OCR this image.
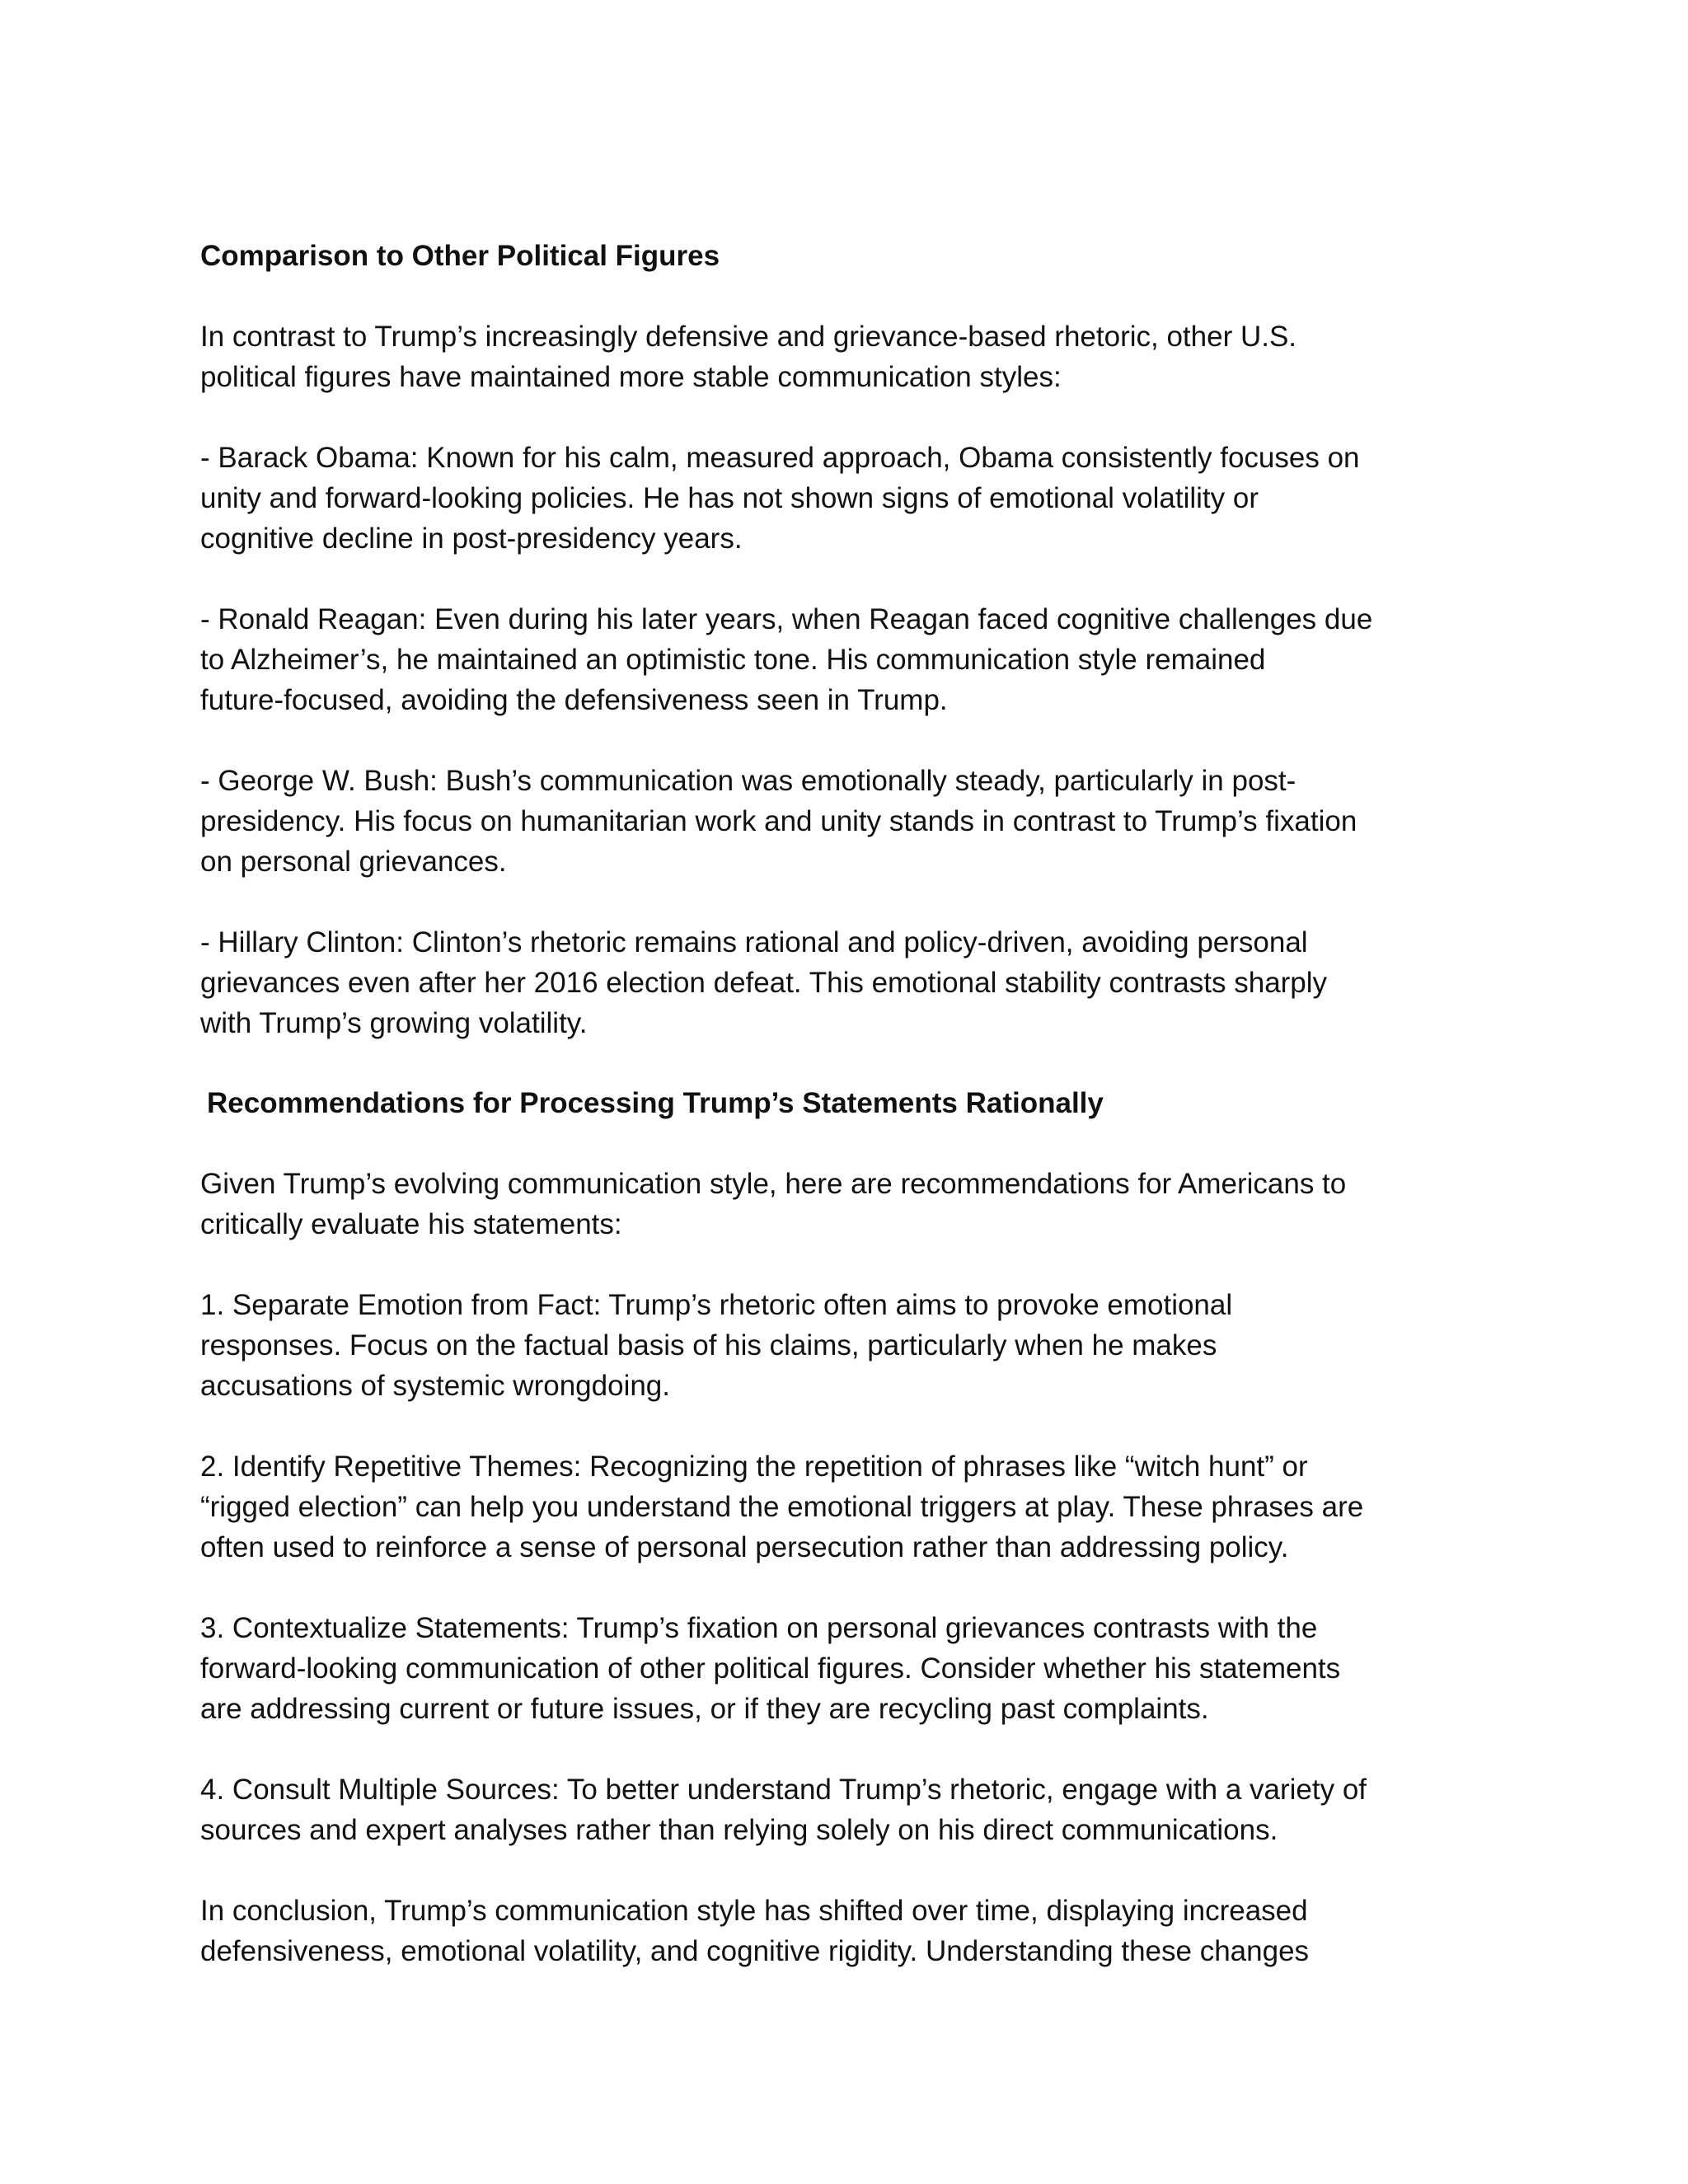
Comparison to Other Political Figures
In contrast to Trump’s increasingly defensive and grievance-based rhetoric, other U.S.
political figures have maintained more stable communication styles:
- Barack Obama: Known for his calm, measured approach, Obama consistently focuses on
unity and forward-looking policies. He has not shown signs of emotional volatility or
cognitive decline in post-presidency years.
- Ronald Reagan: Even during his later years, when Reagan faced cognitive challenges due
to Alzheimer’s, he maintained an optimistic tone. His communication style remained
future-focused, avoiding the defensiveness seen in Trump.
- George W. Bush: Bush’s communication was emotionally steady, particularly in post-
presidency. His focus on humanitarian work and unity stands in contrast to Trump’s fixation
on personal grievances.
- Hillary Clinton: Clinton’s rhetoric remains rational and policy-driven, avoiding personal
grievances even after her 2016 election defeat. This emotional stability contrasts sharply
with Trump’s growing volatility.
Recommendations for Processing Trump’s Statements Rationally
Given Trump’s evolving communication style, here are recommendations for Americans to
critically evaluate his statements:
1. Separate Emotion from Fact: Trump’s rhetoric often aims to provoke emotional
responses. Focus on the factual basis of his claims, particularly when he makes
accusations of systemic wrongdoing.
2. Identify Repetitive Themes: Recognizing the repetition of phrases like “witch hunt” or
“rigged election” can help you understand the emotional triggers at play. These phrases are
often used to reinforce a sense of personal persecution rather than addressing policy.
3. Contextualize Statements: Trump’s fixation on personal grievances contrasts with the
forward-looking communication of other political figures. Consider whether his statements
are addressing current or future issues, or if they are recycling past complaints.
4. Consult Multiple Sources: To better understand Trump’s rhetoric, engage with a variety of
sources and expert analyses rather than relying solely on his direct communications.
In conclusion, Trump’s communication style has shifted over time, displaying increased
defensiveness, emotional volatility, and cognitive rigidity. Understanding these changes
